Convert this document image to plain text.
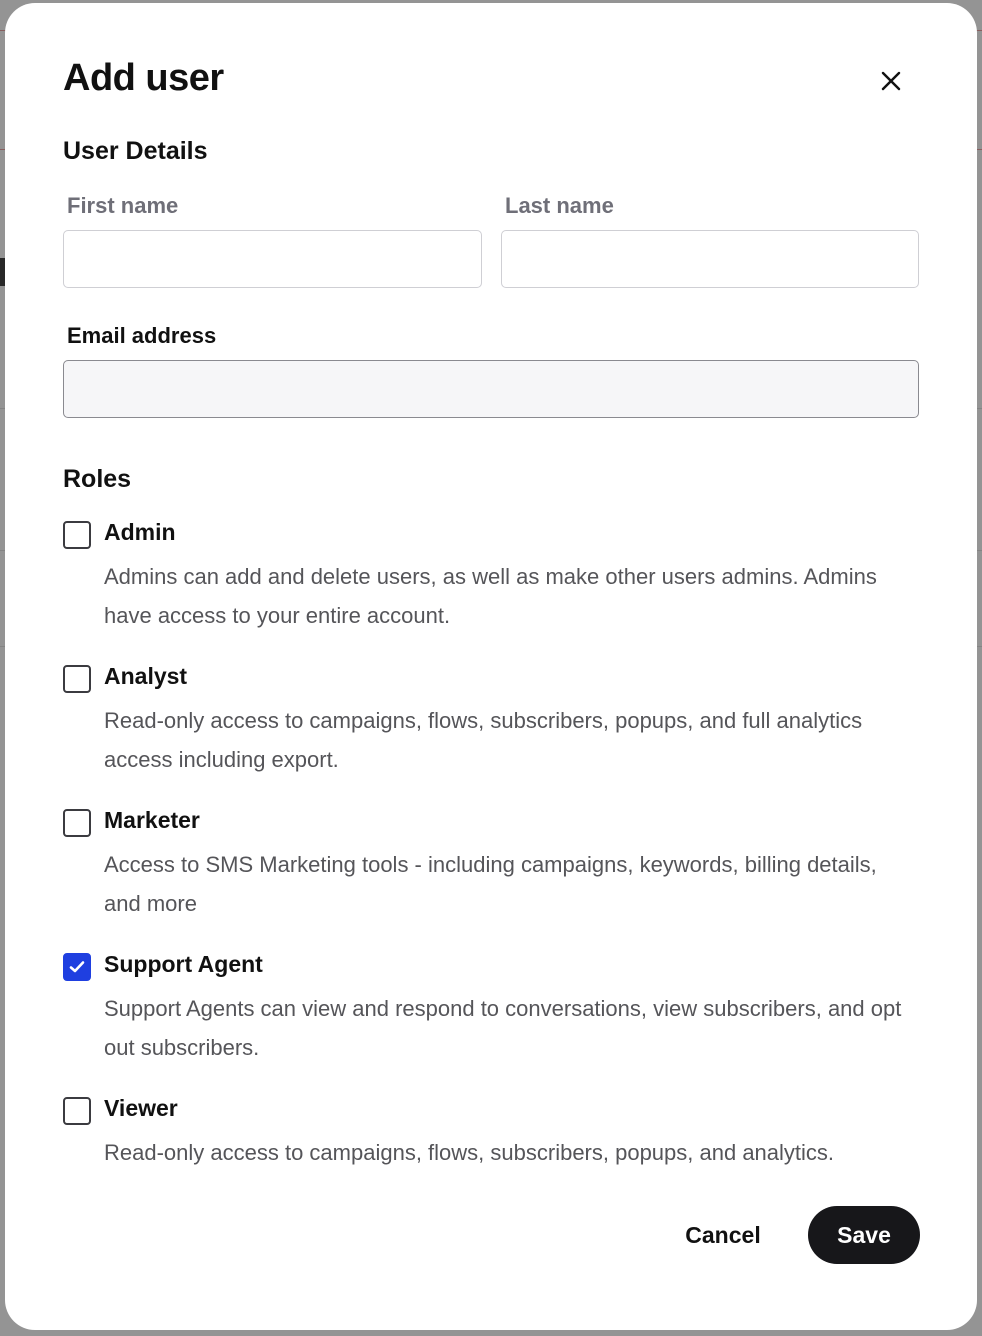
Add user
User Details
First name	Last name
Email address
Roles
Admin
Admins can add and delete users, as well as make other users admins. Admins have access to your entire account.
Analyst
Read-only access to campaigns, flows, subscribers, popups, and full analytics access including export.
Marketer
Access to SMS Marketing tools - including campaigns, keywords, billing details, and more
Support Agent
Support Agents can view and respond to conversations, view subscribers, and opt out subscribers.
Viewer
Read-only access to campaigns, flows, subscribers, popups, and analytics.
Cancel	Save
